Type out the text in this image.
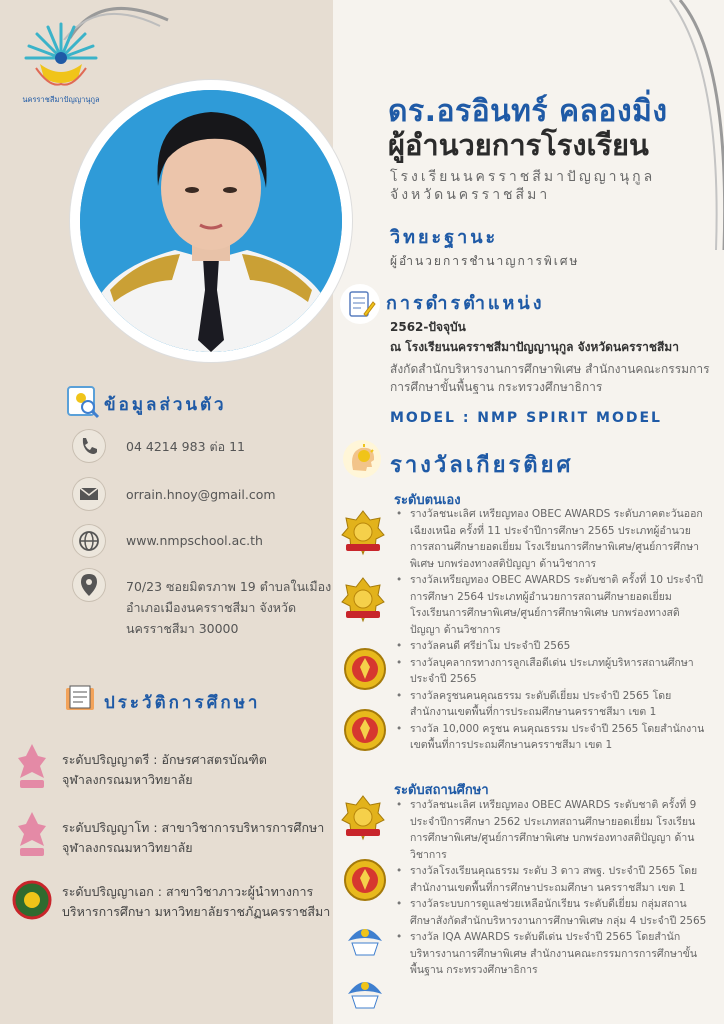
นครราชสีมาปัญญานุกูล	ดร.อรอินทร์ คลองมิ่ง
ผู้อำนวยการโรงเรียน
โรงเรียนนครราชสีมาปัญญานุกูล
จังหวัดนครราชสีมา
วิทยะฐานะ
ผู้อำนวยการชำนาญการพิเศษ
การดำรตำแหน่ง
2562-ปัจจุบัน
ณ โรงเรียนนครราชสีมาปัญญานุกูล จังหวัดนครราชสีมา
สังกัดสำนักบริหารงานการศึกษาพิเศษ สำนักงานคณะกรรมการการศึกษาขั้นพื้นฐาน กระทรวงศึกษาธิการ
MODEL : NMP SPIRIT MODEL
รางวัลเกียรติยศ
ระดับตนเอง
• รางวัลชนะเลิศ เหรียญทอง OBEC AWARDS ระดับภาคตะวันออกเฉียงเหนือ ครั้งที่ 11 ประจำปีการศึกษา 2565 ประเภทผู้อำนวยการสถานศึกษายอดเยี่ยม โรงเรียนการศึกษาพิเศษ/ศูนย์การศึกษาพิเศษ บกพร่องทางสติปัญญา ด้านวิชาการ
• รางวัลเหรียญทอง OBEC AWARDS ระดับชาติ ครั้งที่ 10 ประจำปีการศึกษา 2564 ประเภทผู้อำนวยการสถานศึกษายอดเยี่ยม โรงเรียนการศึกษาพิเศษ/ศูนย์การศึกษาพิเศษ บกพร่องทางสติปัญญา ด้านวิชาการ
• รางวัลคนดี ศรีย่าโม ประจำปี 2565
• รางวัลบุคลากรทางการลูกเสือดีเด่น ประเภทผู้บริหารสถานศึกษา ประจำปี 2565
• รางวัลครูชนคนคุณธรรม ระดับดีเยี่ยม ประจำปี 2565 โดยสำนักงานเขตพื้นที่การประถมศึกษานครราชสีมา เขต 1
• รางวัล 10,000 ครูชน คนคุณธรรม ประจำปี 2565 โดยสำนักงานเขตพื้นที่การประถมศึกษานครราชสีมา เขต 1
ระดับสถานศึกษา
• รางวัลชนะเลิศ เหรียญทอง OBEC AWARDS ระดับชาติ ครั้งที่ 9 ประจำปีการศึกษา 2562 ประเภทสถานศึกษายอดเยี่ยม โรงเรียนการศึกษาพิเศษ/ศูนย์การศึกษาพิเศษ บกพร่องทางสติปัญญา ด้านวิชาการ
• รางวัลโรงเรียนคุณธรรม ระดับ 3 ดาว สพฐ. ประจำปี 2565 โดยสำนักงานเขตพื้นที่การศึกษาประถมศึกษา นครราชสีมา เขต 1
• รางวัลระบบการดูแลช่วยเหลือนักเรียน ระดับดีเยี่ยม กลุ่มสถานศึกษาสังกัดสำนักบริหารงานการศึกษาพิเศษ กลุ่ม 4 ประจำปี 2565
• รางวัล IQA AWARDS ระดับดีเด่น ประจำปี 2565 โดยสำนักบริหารงานการศึกษาพิเศษ สำนักงานคณะกรรมการการศึกษาขั้นพื้นฐาน กระทรวงศึกษาธิการ
ข้อมูลส่วนตัว
04 4214 983 ต่อ 11
orrain.hnoy@gmail.com
www.nmpschool.ac.th
70/23 ซอยมิตรภาพ 19 ตำบลในเมือง
อำเภอเมืองนครราชสีมา จังหวัด
นครราชสีมา 30000
ประวัติการศึกษา
ระดับปริญญาตรี : อักษรศาสตรบัณฑิต
จุฬาลงกรณมหาวิทยาลัย
ระดับปริญญาโท : สาขาวิชาการบริหารการศึกษา
จุฬาลงกรณมหาวิทยาลัย
ระดับปริญญาเอก : สาขาวิชาภาวะผู้นำทางการ
บริหารการศึกษา มหาวิทยาลัยราชภัฏนครราชสีมา
